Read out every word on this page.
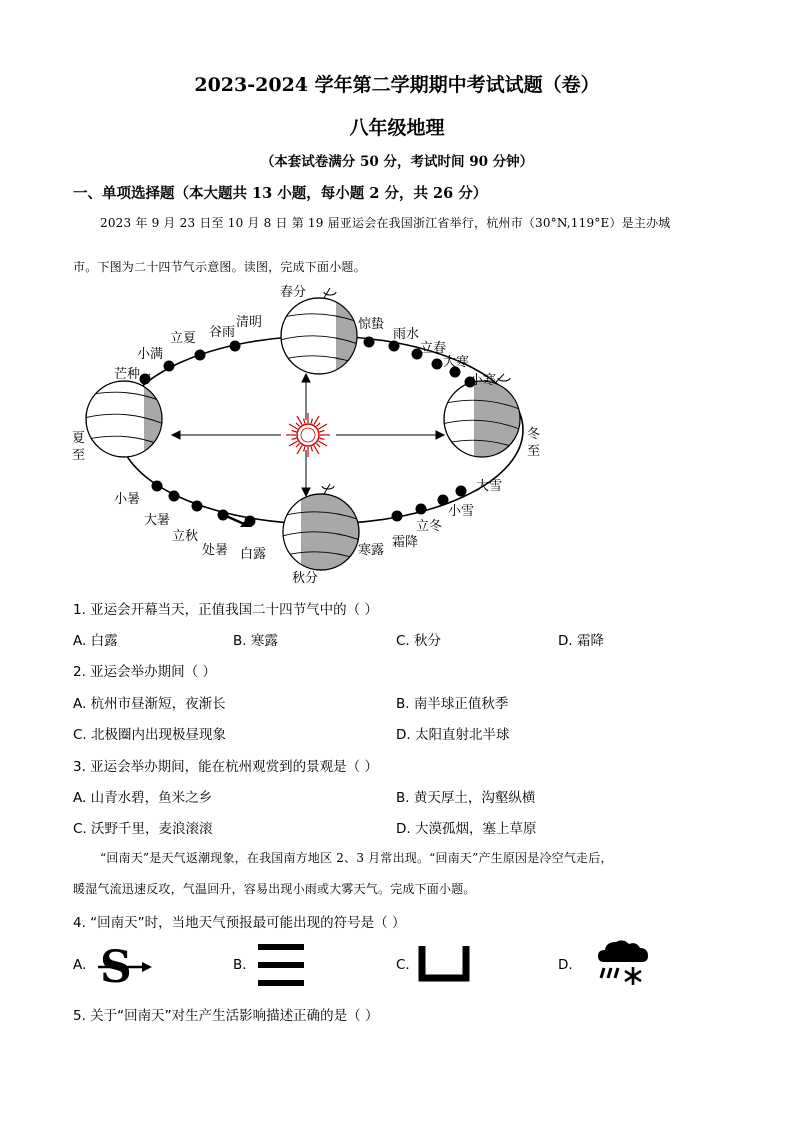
2023-2024 学年第二学期期中考试试题（卷）
八年级地理
（本套试卷满分 50 分，考试时间 90 分钟）
一、单项选择题（本大题共 13 小题，每小题 2 分，共 26 分）
2023 年 9 月 23 日至 10 月 8 日 第 19 届亚运会在我国浙江省举行，杭州市（30°N,119°E）是主办城
市。下图为二十四节气示意图。读图，完成下面小题。
春分
清明
谷雨
立夏
小满
芒种
夏
至
小暑
大暑
立秋
处暑 白露
秋分
寒露
霜降
立冬
小雪
大雪
冬
至
小寒
大寒
立春
雨水
惊蛰
1. 亚运会开幕当天，正值我国二十四节气中的（ ）
A. 白露	B. 寒露	C. 秋分	D. 霜降
2. 亚运会举办期间（ ）
A. 杭州市昼渐短，夜渐长	B. 南半球正值秋季
C. 北极圈内出现极昼现象	D. 太阳直射北半球
3. 亚运会举办期间，能在杭州观赏到的景观是（ ）
A. 山青水碧，鱼米之乡	B. 黄天厚土，沟壑纵横
C. 沃野千里，麦浪滚滚	D. 大漠孤烟，塞上草原
“回南天”是天气返潮现象，在我国南方地区 2、3 月常出现。“回南天”产生原因是冷空气走后，
暖湿气流迅速反攻，气温回升，容易出现小雨或大雾天气。完成下面小题。
4. “回南天”时，当地天气预报最可能出现的符号是（ ）
A. S	B.	C.	D.
5. 关于“回南天”对生产生活影响描述正确的是（ ）
